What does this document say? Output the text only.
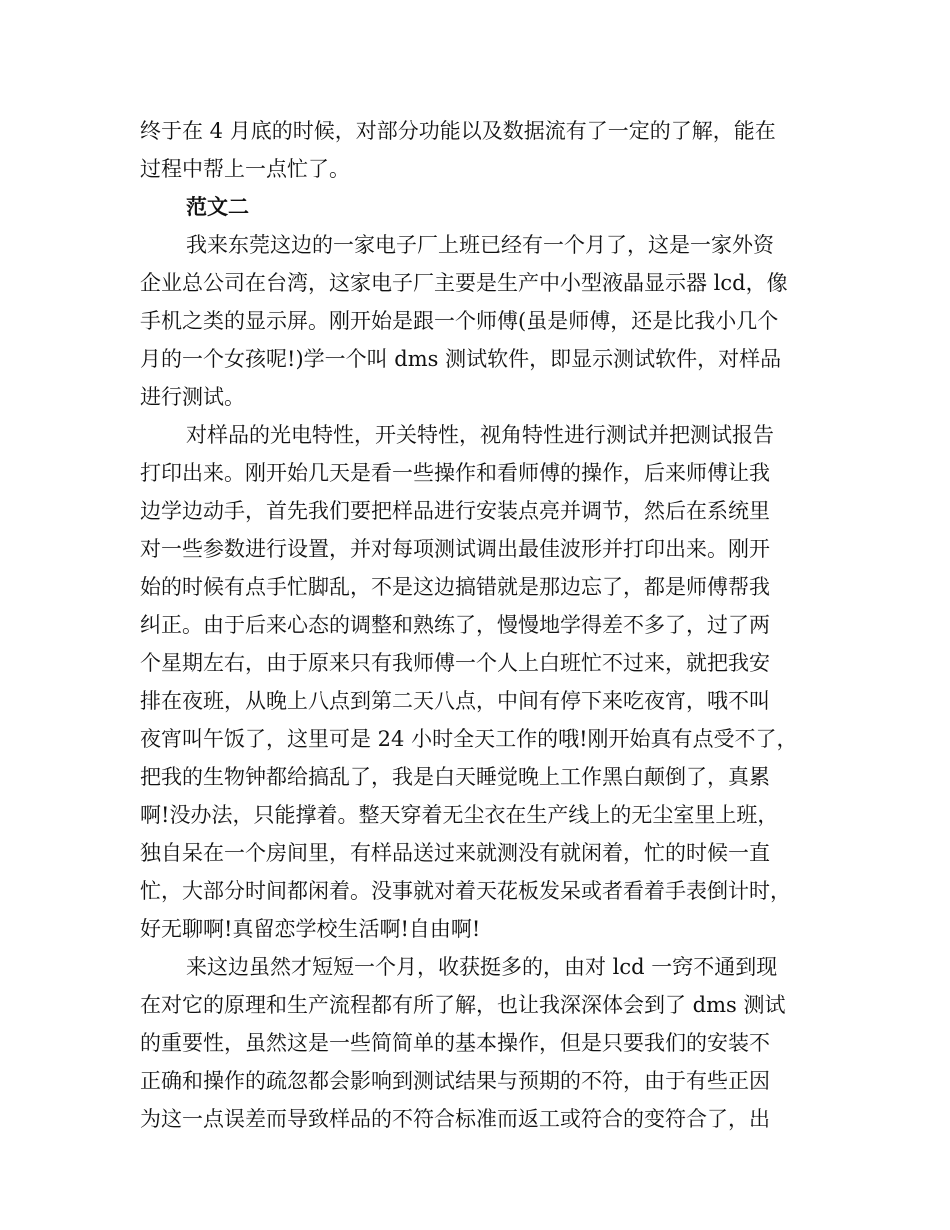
终于在 4 月底的时候，对部分功能以及数据流有了一定的了解，能在
过程中帮上一点忙了。
范文二
我来东莞这边的一家电子厂上班已经有一个月了，这是一家外资
企业总公司在台湾，这家电子厂主要是生产中小型液晶显示器 lcd，像
手机之类的显示屏。刚开始是跟一个师傅(虽是师傅，还是比我小几个
月的一个女孩呢!)学一个叫 dms 测试软件，即显示测试软件，对样品
进行测试。
对样品的光电特性，开关特性，视角特性进行测试并把测试报告
打印出来。刚开始几天是看一些操作和看师傅的操作，后来师傅让我
边学边动手，首先我们要把样品进行安装点亮并调节，然后在系统里
对一些参数进行设置，并对每项测试调出最佳波形并打印出来。刚开
始的时候有点手忙脚乱，不是这边搞错就是那边忘了，都是师傅帮我
纠正。由于后来心态的调整和熟练了，慢慢地学得差不多了，过了两
个星期左右，由于原来只有我师傅一个人上白班忙不过来，就把我安
排在夜班，从晚上八点到第二天八点，中间有停下来吃夜宵，哦不叫
夜宵叫午饭了，这里可是 24 小时全天工作的哦!刚开始真有点受不了，
把我的生物钟都给搞乱了，我是白天睡觉晚上工作黑白颠倒了，真累
啊!没办法，只能撑着。整天穿着无尘衣在生产线上的无尘室里上班，
独自呆在一个房间里，有样品送过来就测没有就闲着，忙的时候一直
忙，大部分时间都闲着。没事就对着天花板发呆或者看着手表倒计时，
好无聊啊!真留恋学校生活啊!自由啊!
来这边虽然才短短一个月，收获挺多的，由对 lcd 一窍不通到现
在对它的原理和生产流程都有所了解，也让我深深体会到了 dms 测试
的重要性，虽然这是一些简简单的基本操作，但是只要我们的安装不
正确和操作的疏忽都会影响到测试结果与预期的不符，由于有些正因
为这一点误差而导致样品的不符合标准而返工或符合的变符合了，出
